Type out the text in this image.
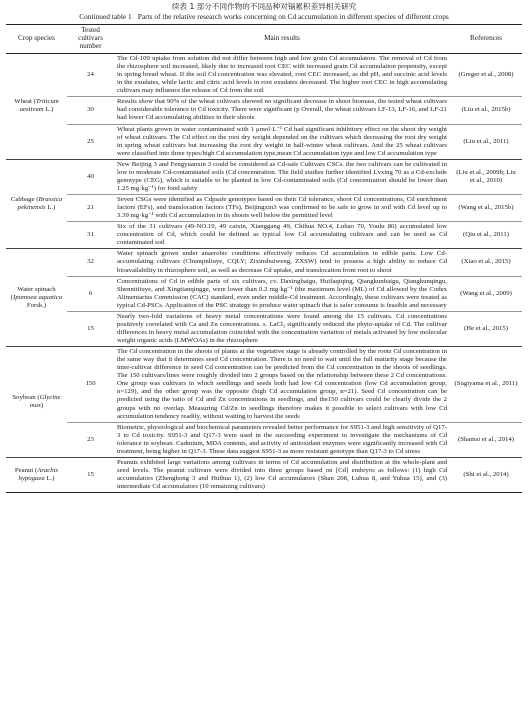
续表 1 部分不同作物的不同品种对镉累积差异相关研究
Continued table 1 Parts of the relative research works concerning on Cd accumulation in different species of different crops
Crop species	Tested cultivars number	Main results	References
Wheat (Triticum aestivum L.)	24	The Cd-109 uptake from solution did not differ between high and low grain Cd accumulators. The removal of Cd from the rhizosphere soil increased, likely due to increased root CEC with increased grain Cd accumulation propensity, except in spring bread wheat. If the soil Cd concentration was elevated, root CEC increased, as did pH, and succinic acid levels in the exudates, while lactic and citric acid levels in root exudates decreased. The higher root CEC in high accumulating cultivars may influence the release of Cd from the soil	(Greger et al., 2008)
	30	Results show that 90% of the wheat cultivars showed no significant decrease in shoot biomass, the tested wheat cultivars had considerable tolerance to Cd toxicity. There were significant (p Overall, the wheat cultivars LF-13, LF-16, and LF-21 had lower Cd accumulating abilities in their shoots	(Liu et al., 2015b)
	25	Wheat plants grown in water contaminated with 1 μmol·L⁻¹ Cd had significant inhibitory effect on the shoot dry weight of wheat cultivars. The Cd effect on the root dry weight depended on the cultivars which decreasing the root dry weight in spring wheat cultivars but increasing the root dry weight in half-winter wheat cultivars. And the 25 wheat cultivars were classified into three types/high Cd accumulation type,mean Cd accumulation type and low Cd accumulation type	(Liu et al., 2011)
Cabbage (Brassica pekinensis L.)	40	New Beijing 3 and Fengyuanxin 3 could be considered as Cd-safe Cultivars CSCs. the two cultivars can be cultivated in low to moderate Cd-contaminated soils (Cd concentration. The field studies further identified Lvxing 70 as a Cd-exclude genotype (CEG), which is suitable to be planted in low Cd-contaminated soils (Cd concentration should be lower than 1.25 mg·kg⁻¹) for food safety	(Liu et al., 2009b; Liu et al., 2010)
	21	Seven CSGs were identified as Cdpsafe genotypes based on their Cd tolerance, shoot Cd concentrations, Cd enrichment factors (EFs), and translocation factors (TFs), Beijingxin3 was confirmed to be safe to grow in soil with Cd level up to 3.39 mg·kg⁻¹ with Cd accumulation in its shoots well below the permitted level	(Wang et al., 2015b)
	31	Six of the 31 cultivars (49-NO.19, 49 caixin, Xianggang 49, Chihua NO.4, Luhao 70, Youlu 80) accumulated low concentration of Cd, which could be defined as typical low Cd accumulating cultivars and can be used as Cd contaminated soil	(Qiu et al., 2011)
Water spinach (Ipomoea aquatica Forsk.)	32	Water spinach grown under anaerobic conditions effectively reduces Cd accumulation in edible parts. Low Cd-accumulating cultivars (Chunqinliuye, CQLY; Zixinshuiweng, ZXSW) tend to possess a high ability to reduce Cd bioavailability in rhizosphere soil, as well as decrease Cd uptake, and translocation from root to shoot	(Xiao et al., 2015)
	6	Concentrations of Cd in edible parts of six cultivars, cv. Daxingbaigu, Huifaqiqing, Qiangkunbaigu, Qiangkunqingu, Shennitiiuye, and Xingtianqingge, were lower than 0.2 mg·kg⁻¹ (the maximum level (ML) of Cd allowed by the Codex Alimentarius Commission (CAC) standard, even under middle-Cd treatment. Accordingly, these cultivars were treated as typical Cd-PSCs. Application of the PSC strategy to produce water spinach that is safer consume is feasible and necessary	(Wang et al., 2009)
	15	Nearly two-fold variations of heavy metal concentrations were found among the 15 cultivars. Cd concentrations positively correlated with Ca and Zn concentrations. s. LaCl₃ significantly reduced the phyto-uptake of Cd. The cultivar differences in heavy metal accumulation coincided with the concentration variation of metals activated by low molecular weight organic acids (LMWOAs) in the rhizosphere	(He et al., 2015)
Soybean (Glycine max)	150	The Cd concentration in the shoots of plants at the vegetative stage is already controlled by the roots Cd concentration in the same way that it determines seed Cd concentration. There is no need to wait until the full maturity stage because the inter-cultivar difference in seed Cd concentration can be predicted from the Cd concentration in the shoots of seedlings. The 150 cultivars/lines were roughly divided into 2 groups based on the relationship between these 2 Cd concentrations. One group was cultivars in which seedlings and seeds both had low Cd concentration (low Cd accumulation group, n=129), and the other group was the opposite (high Cd accumulation group, n=21). Seed Cd concentration can be predicted using the ratio of Cd and Zn concentrations in seedlings, and the150 cultivars could be clearly divide the 2 groups with no overlap. Measuring Cd/Zn in seedlings therefore makes it possible to select cultivars with low Cd accumulation tendency readily, without waiting to harvest the seeds	(Sugiyama et al., 2011)
	23	Biometric, physiological and biochemical parameters revealed better performance for S951-3 and high sensitivity of Q17-3 to Cd toxicity. S951-3 and Q17-3 were used in the succeeding experiment to investigate the mechanisms of Cd tolerance in soybean. Cadmium, MDA contents, and activity of antioxidant enzymes were significantly increased with Cd treatment, being higher in Q17-3. These data suggest S951-3 as more resistant genotype than Q17-3 to Cd stress	(Shamsi et al., 2014)
Peanut (Arachis hypogaea L.)	15	Peanuts exhibited large variations among cultivars in terms of Cd accumulation and distribution at the whole-plant and seed levels. The peanut cultivars were divided into three groups based on [Cd] embryos as follows: (1) high Cd accumulators (Zhenghong 3 and Huihua 1), (2) low Cd accumulators (Shan 208, Luhua 8, and Yuhua 15), and (3) intermediate Cd accumulators (10 remaining cultivars)	(Shi et al., 2014)
